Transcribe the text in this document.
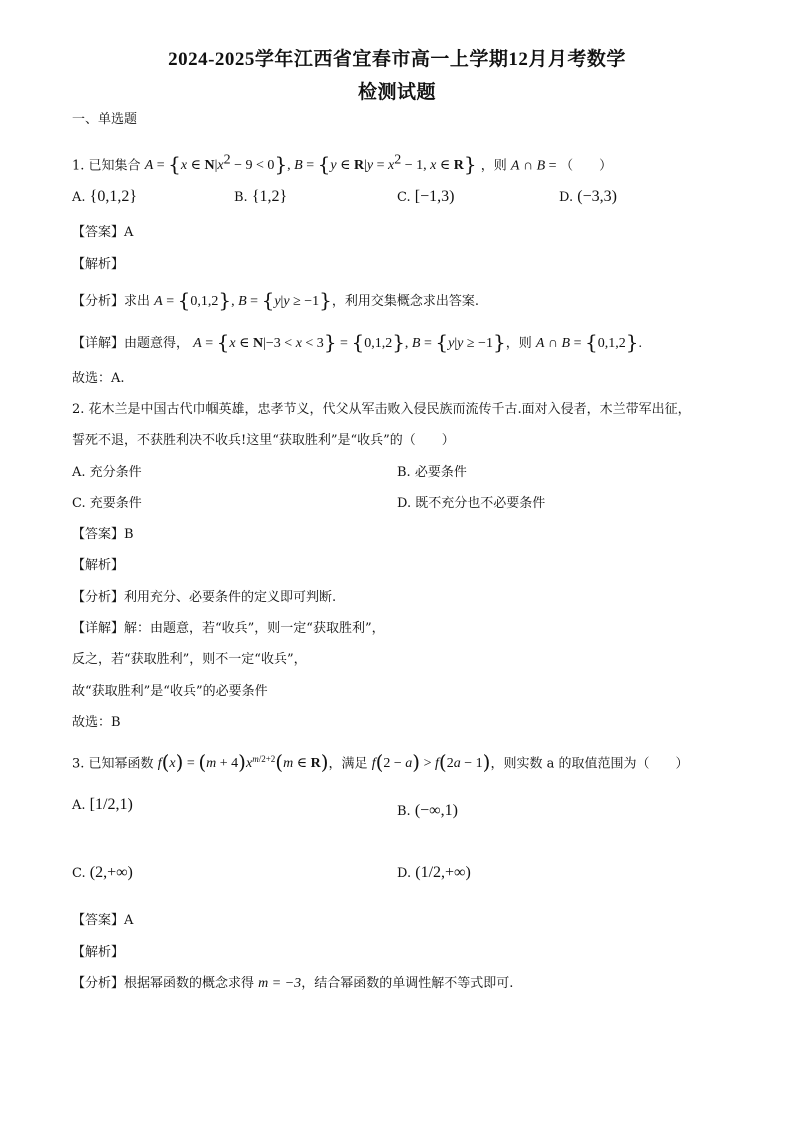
2024-2025学年江西省宜春市高一上学期12月月考数学
检测试题
一、单选题
1. 已知集合 A = {x ∈ $N|x^2 - 9 < 0$}, B = {y ∈ $R|y = x^2 - 1$, x ∈ R} ，则 A ∩ B = （　　）
A. {0,1,2}	B. {1,2}	C. [−1,3)	D. (−3,3)
【答案】A
【解析】
【分析】求出 A = {0,1,2}, B = {y|y ≥ −1}，利用交集概念求出答案.
【详解】由题意得， A = {x ∈ N|−3 < x < 3} = {0,1,2}, B = {y|y ≥ −1}，则 A ∩ B = {0,1,2}.
故选：A.
2. 花木兰是中国古代巾帼英雄，忠孝节义，代父从军击败入侵民族而流传千古.面对入侵者，木兰带军出征，
誓死不退，不获胜利决不收兵!这里“获取胜利”是“收兵”的（　　）
A. 充分条件	B. 必要条件
C. 充要条件	D. 既不充分也不必要条件
【答案】B
【解析】
【分析】利用充分、必要条件的定义即可判断.
【详解】解：由题意，若“收兵”，则一定“获取胜利”，
反之，若“获取胜利”，则不一定“收兵”，
故“获取胜利”是“收兵”的必要条件
故选：B
3. 已知幂函数 $f(x) = (m + 4)x^{m/2+2}(m$ ∈ R)，满足 f(2 − a) > f(2a − 1)，则实数 a 的取值范围为（　　）
A. [1/2,1)	B. (−∞,1)
C. (2,+∞)	D. (1/2,+∞)
【答案】A
【解析】
【分析】根据幂函数的概念求得 m = −3，结合幂函数的单调性解不等式即可.
